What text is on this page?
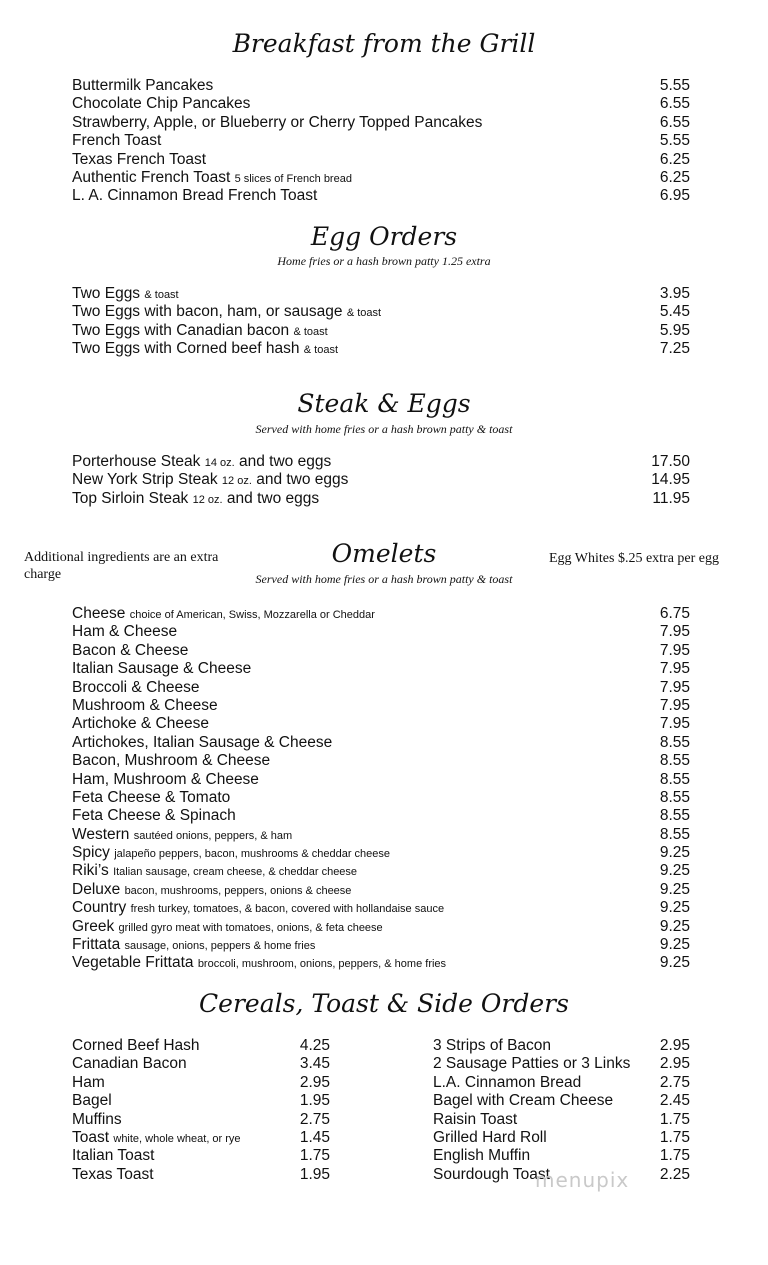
Breakfast from the Grill
Buttermilk Pancakes	5.55
Chocolate Chip Pancakes	6.55
Strawberry, Apple, or Blueberry or Cherry Topped Pancakes	6.55
French Toast	5.55
Texas French Toast	6.25
Authentic French Toast 5 slices of French bread	6.25
L. A. Cinnamon Bread French Toast	6.95
Egg Orders
Home fries or a hash brown patty 1.25 extra
Two Eggs & toast	3.95
Two Eggs with bacon, ham, or sausage & toast	5.45
Two Eggs with Canadian bacon & toast	5.95
Two Eggs with Corned beef hash & toast	7.25
Steak & Eggs
Served with home fries or a hash brown patty & toast
Porterhouse Steak 14 oz. and two eggs	17.50
New York Strip Steak 12 oz. and two eggs	14.95
Top Sirloin Steak 12 oz. and two eggs	11.95
Additional ingredients are an extra charge
Omelets	Egg Whites $.25 extra per egg
Served with home fries or a hash brown patty & toast
Cheese choice of American, Swiss, Mozzarella or Cheddar	6.75
Ham & Cheese	7.95
Bacon & Cheese	7.95
Italian Sausage & Cheese	7.95
Broccoli & Cheese	7.95
Mushroom & Cheese	7.95
Artichoke & Cheese	7.95
Artichokes, Italian Sausage & Cheese	8.55
Bacon, Mushroom & Cheese	8.55
Ham, Mushroom & Cheese	8.55
Feta Cheese & Tomato	8.55
Feta Cheese & Spinach	8.55
Western sautéed onions, peppers, & ham	8.55
Spicy jalapeño peppers, bacon, mushrooms & cheddar cheese	9.25
Riki’s Italian sausage, cream cheese, & cheddar cheese	9.25
Deluxe bacon, mushrooms, peppers, onions & cheese	9.25
Country fresh turkey, tomatoes, & bacon, covered with hollandaise sauce	9.25
Greek grilled gyro meat with tomatoes, onions, & feta cheese	9.25
Frittata sausage, onions, peppers & home fries	9.25
Vegetable Frittata broccoli, mushroom, onions, peppers, & home fries	9.25
Cereals, Toast & Side Orders
Corned Beef Hash	4.25
Canadian Bacon	3.45
Ham	2.95
Bagel	1.95
Muffins	2.75
Toast white, whole wheat, or rye	1.45
Italian Toast	1.75
Texas Toast	1.95
3 Strips of Bacon	2.95
2 Sausage Patties or 3 Links 2.95
L.A. Cinnamon Bread	2.75
Bagel with Cream Cheese	2.45
Raisin Toast	1.75
Grilled Hard Roll	1.75
English Muffin	1.75
Sourdough Toast	2.25
menupix
